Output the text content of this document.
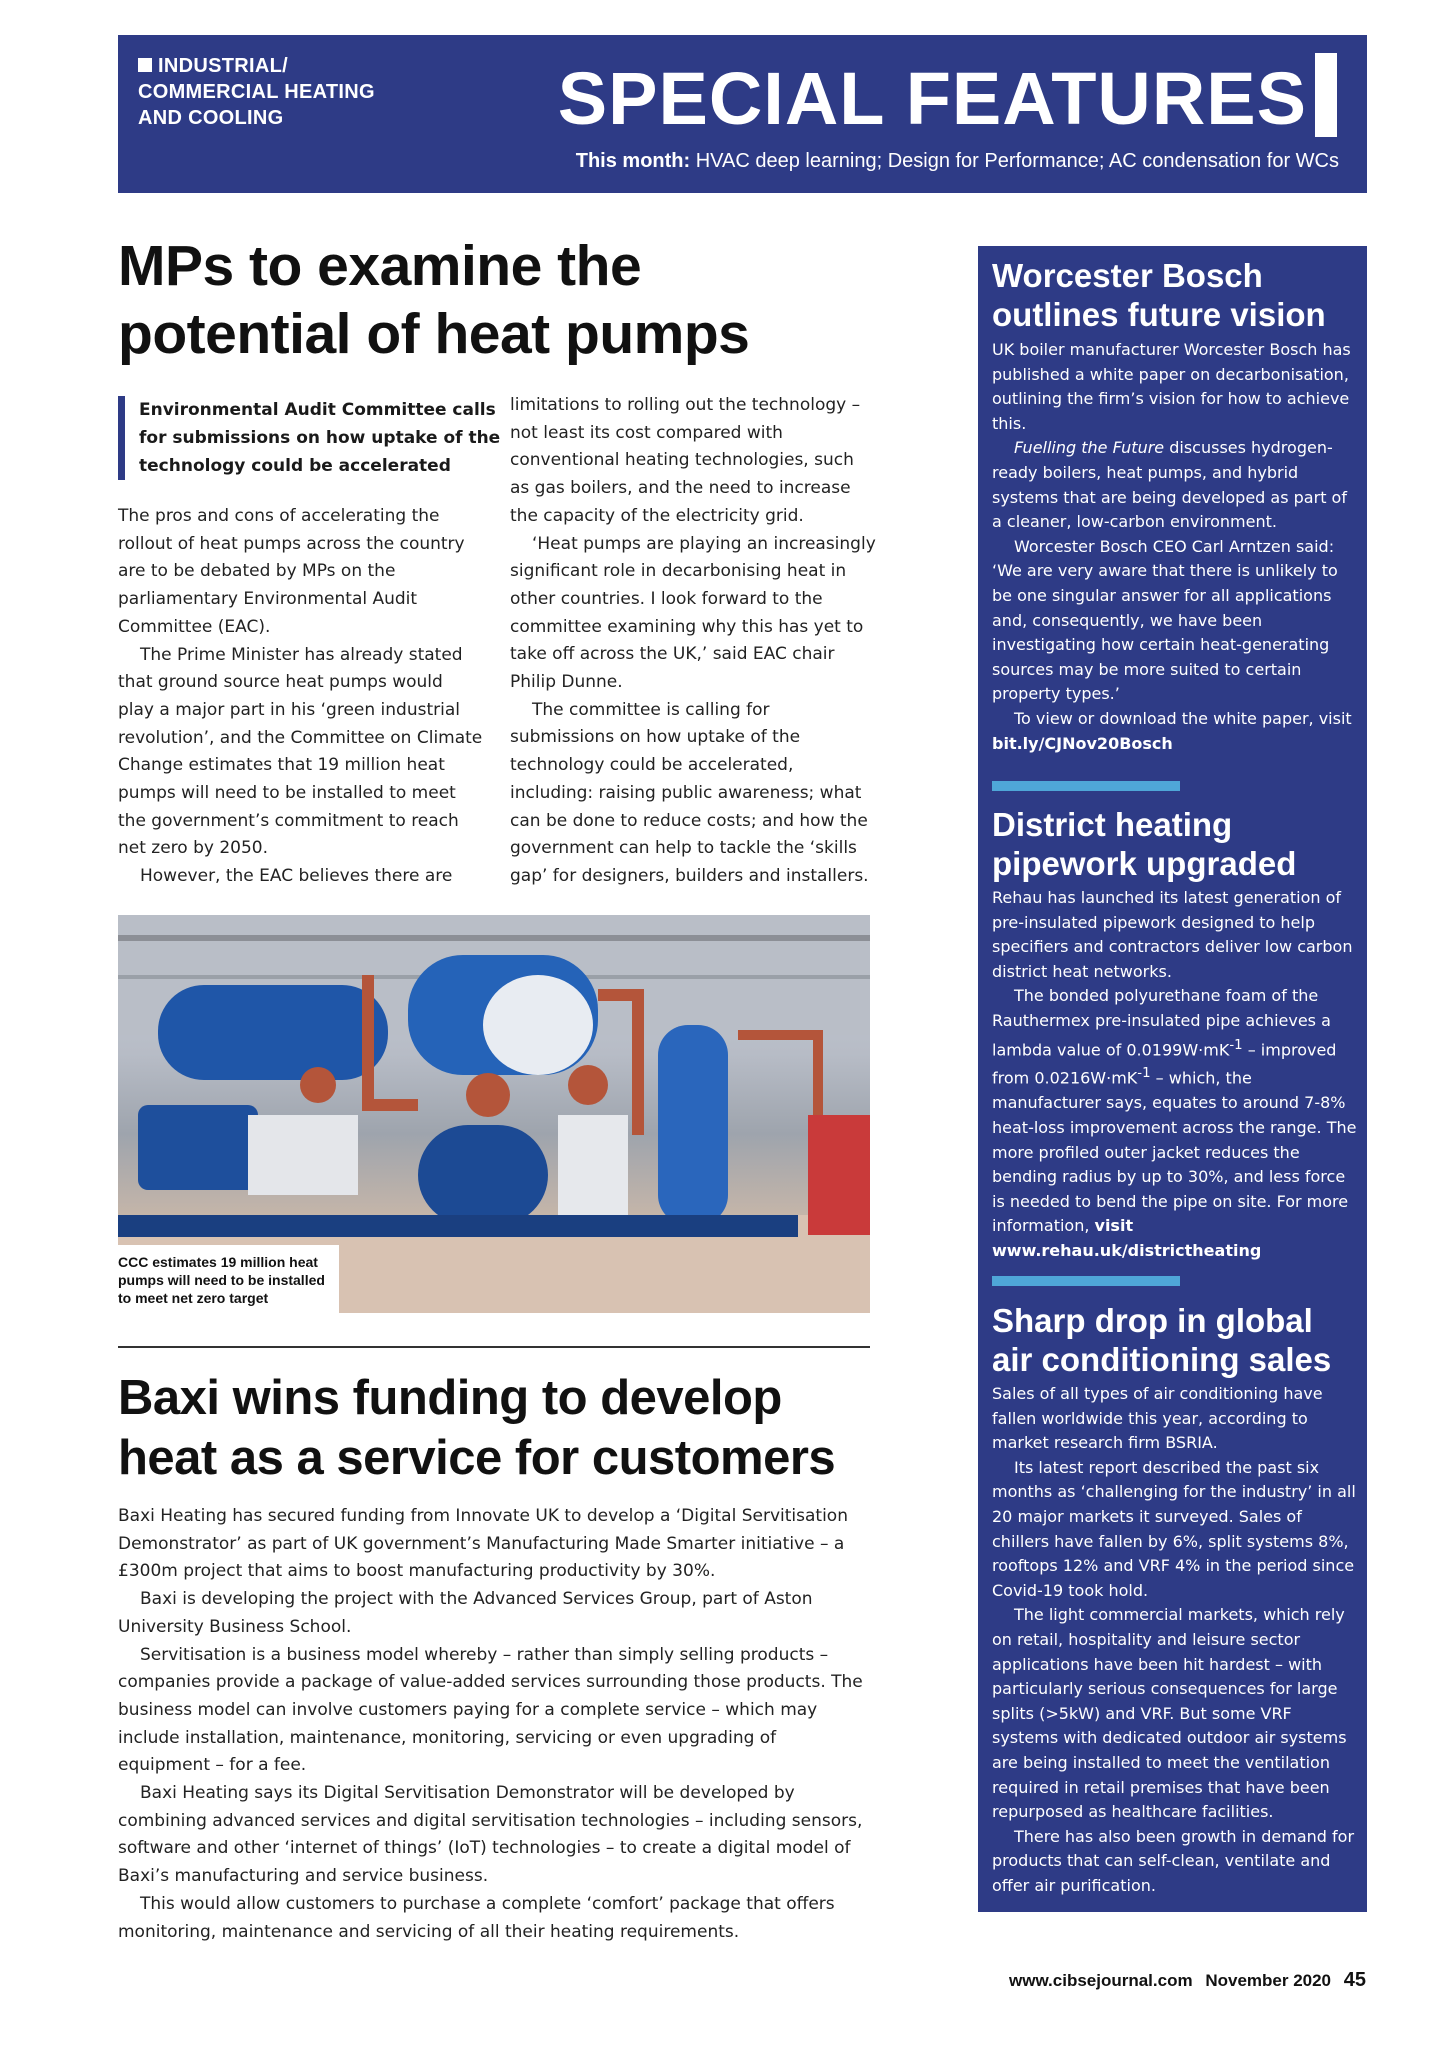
INDUSTRIAL/
COMMERCIAL HEATING
AND COOLING	SPECIAL FEATURES
This month: HVAC deep learning; Design for Performance; AC condensation for WCs
MPs to examine the
potential of heat pumps
Environmental Audit Committee calls for submissions on how uptake of the technology could be accelerated

The pros and cons of accelerating the rollout of heat pumps across the country are to be debated by MPs on the parliamentary Environmental Audit Committee (EAC).

The Prime Minister has already stated that ground source heat pumps would play a major part in his ‘green industrial revolution’, and the Committee on Climate Change estimates that 19 million heat pumps will need to be installed to meet the government’s commitment to reach net zero by 2050.

However, the EAC believes there are

limitations to rolling out the technology – not least its cost compared with conventional heating technologies, such as gas boilers, and the need to increase the capacity of the electricity grid.

‘Heat pumps are playing an increasingly significant role in decarbonising heat in other countries. I look forward to the committee examining why this has yet to take off across the UK,’ said EAC chair Philip Dunne.

The committee is calling for submissions on how uptake of the technology could be accelerated, including: raising public awareness; what can be done to reduce costs; and how the government can help to tackle the ‘skills gap’ for designers, builders and installers.

CCC estimates 19 million heat pumps will need to be installed to meet net zero target
Baxi wins funding to develop
heat as a service for customers

Baxi Heating has secured funding from Innovate UK to develop a ‘Digital Servitisation Demonstrator’ as part of UK government’s Manufacturing Made Smarter initiative – a £300m project that aims to boost manufacturing productivity by 30%.

Baxi is developing the project with the Advanced Services Group, part of Aston University Business School.

Servitisation is a business model whereby – rather than simply selling products – companies provide a package of value-added services surrounding those products. The business model can involve customers paying for a complete service – which may include installation, maintenance, monitoring, servicing or even upgrading of equipment – for a fee.

Baxi Heating says its Digital Servitisation Demonstrator will be developed by combining advanced services and digital servitisation technologies – including sensors, software and other ‘internet of things’ (IoT) technologies – to create a digital model of Baxi’s manufacturing and service business.

This would allow customers to purchase a complete ‘comfort’ package that offers monitoring, maintenance and servicing of all their heating requirements.

Worcester Bosch
outlines future vision

UK boiler manufacturer Worcester Bosch has published a white paper on decarbonisation, outlining the firm’s vision for how to achieve this.

Fuelling the Future discusses hydrogen-ready boilers, heat pumps, and hybrid systems that are being developed as part of a cleaner, low-carbon environment.

Worcester Bosch CEO Carl Arntzen said: ‘We are very aware that there is unlikely to be one singular answer for all applications and, consequently, we have been investigating how certain heat-generating sources may be more suited to certain property types.’

To view or download the white paper, visit bit.ly/CJNov20Bosch

District heating
pipework upgraded

Rehau has launched its latest generation of pre-insulated pipework designed to help specifiers and contractors deliver low carbon district heat networks.

The bonded polyurethane foam of the Rauthermex pre-insulated pipe achieves a lambda value of $0.0199W\cdot mK^{-1}$ – improved from $0.0216W\cdot mK^{-1}$ – which, the manufacturer says, equates to around 7-8% heat-loss improvement across the range. The more profiled outer jacket reduces the bending radius by up to 30%, and less force is needed to bend the pipe on site. For more information, visit www.rehau.uk/districtheating

Sharp drop in global
air conditioning sales

Sales of all types of air conditioning have fallen worldwide this year, according to market research firm BSRIA.

Its latest report described the past six months as ‘challenging for the industry’ in all 20 major markets it surveyed. Sales of chillers have fallen by 6%, split systems 8%, rooftops 12% and VRF 4% in the period since Covid-19 took hold.

The light commercial markets, which rely on retail, hospitality and leisure sector applications have been hit hardest – with particularly serious consequences for large splits (>5kW) and VRF. But some VRF systems with dedicated outdoor air systems are being installed to meet the ventilation required in retail premises that have been repurposed as healthcare facilities.

There has also been growth in demand for products that can self-clean, ventilate and offer air purification.

www.cibsejournal.com November 2020 45
